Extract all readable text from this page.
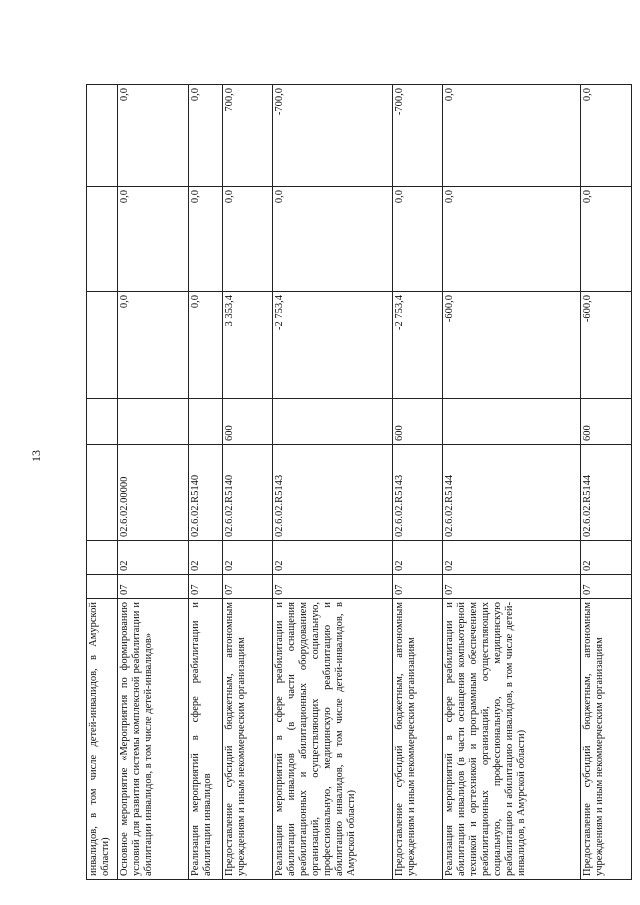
13
инвалидов, в том числе детей-инвалидов, в Амурской области)							
Основное мероприятие «Мероприятия по формированию условий для развития системы комплексной реабилитации и абилитации инвалидов, в том числе детей-инвалидов»	07	02	02.6.02.00000		0,0	0,0	0,0
Реализация мероприятий в сфере реабилитации и абилитации инвалидов	07	02	02.6.02.R5140		0,0	0,0	0,0
Предоставление субсидий бюджетным, автономным учреждениям и иным некоммерческим организациям	07	02	02.6.02.R5140	600	3 353,4	0,0	700,0
Реализация мероприятий в сфере реабилитации и абилитации инвалидов (в части оснащения реабилитационных и абилитационных оборудованием организаций, осуществляющих социальную, профессиональную, медицинскую реабилитацию и абилитацию инвалидов, в том числе детей-инвалидов, в Амурской области)	07	02	02.6.02.R5143		-2 753,4	0,0	-700,0
Предоставление субсидий бюджетным, автономным учреждениям и иным некоммерческим организациям	07	02	02.6.02.R5143	600	-2 753,4	0,0	-700,0
Реализация мероприятий в сфере реабилитации и абилитации инвалидов (в части оснащения компьютерной техникой и оргтехникой и программным обеспечением реабилитационных организаций, осуществляющих социальную, профессиональную, медицинскую реабилитацию и абилитацию инвалидов, в том числе детей-инвалидов, в Амурской области)	07	02	02.6.02.R5144		-600,0	0,0	0,0
Предоставление субсидий бюджетным, автономным учреждениям и иным некоммерческим организациям	07	02	02.6.02.R5144	600	-600,0	0,0	0,0
